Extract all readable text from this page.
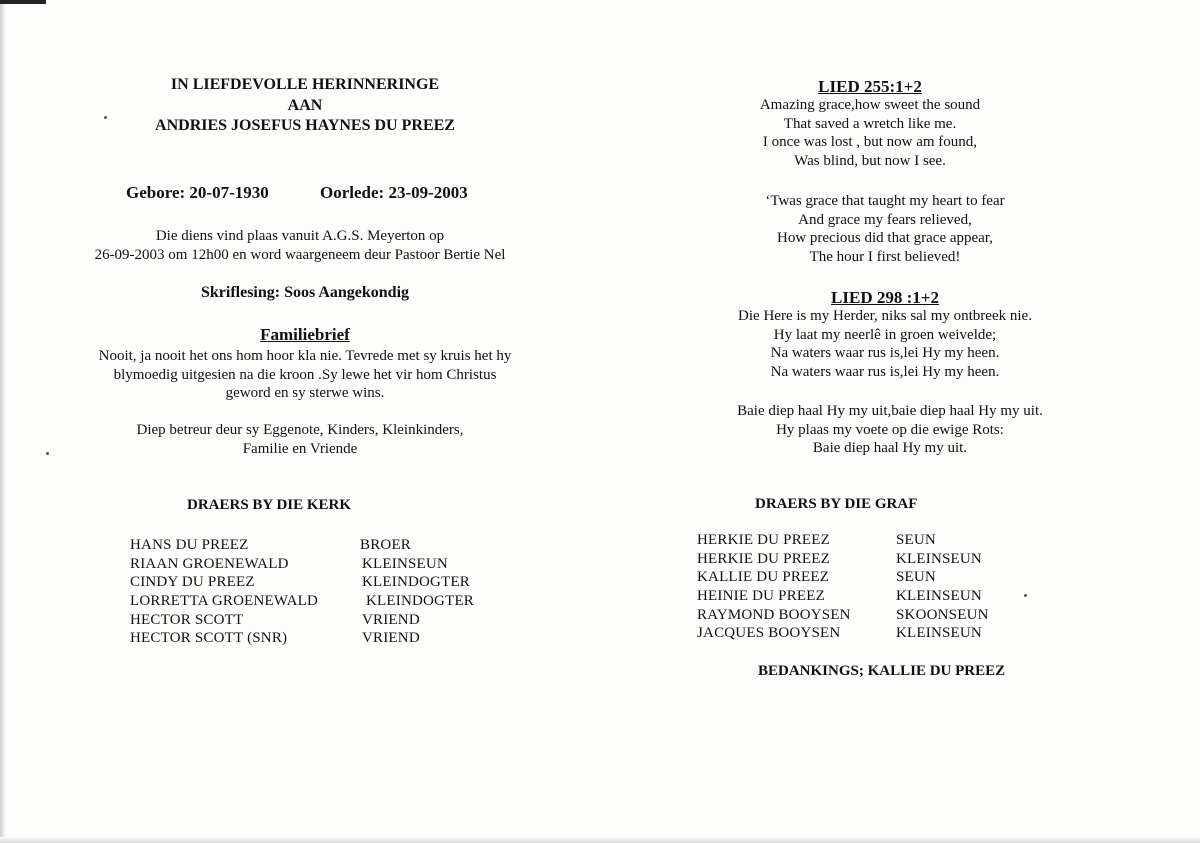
IN LIEFDEVOLLE HERINNERINGE
AAN
ANDRIES JOSEFUS HAYNES DU PREEZ
Gebore: 20-07-1930	Oorlede: 23-09-2003
Die diens vind plaas vanuit A.G.S. Meyerton op
26-09-2003 om 12h00 en word waargeneem deur Pastoor Bertie Nel
Skriflesing: Soos Aangekondig
Familiebrief
Nooit, ja nooit het ons hom hoor kla nie. Tevrede met sy kruis het hy
blymoedig uitgesien na die kroon .Sy lewe het vir hom Christus
geword en sy sterwe wins.
Diep betreur deur sy Eggenote, Kinders, Kleinkinders,
Familie en Vriende
DRAERS BY DIE KERK
HANS DU PREEZ	BROER
RIAAN GROENEWALD	KLEINSEUN
CINDY DU PREEZ	KLEINDOGTER
LORRETTA GROENEWALD	KLEINDOGTER
HECTOR SCOTT	VRIEND
HECTOR SCOTT (SNR)	VRIEND
LIED 255:1+2
Amazing grace,how sweet the sound
That saved a wretch like me.
I once was lost , but now am found,
Was blind, but now I see.
‘Twas grace that taught my heart to fear
And grace my fears relieved,
How precious did that grace appear,
The hour I first believed!
LIED 298 :1+2
Die Here is my Herder, niks sal my ontbreek nie.
Hy laat my neerlê in groen weivelde;
Na waters waar rus is,lei Hy my heen.
Na waters waar rus is,lei Hy my heen.
Baie diep haal Hy my uit,baie diep haal Hy my uit.
Hy plaas my voete op die ewige Rots:
Baie diep haal Hy my uit.
DRAERS BY DIE GRAF
HERKIE DU PREEZ	SEUN
HERKIE DU PREEZ	KLEINSEUN
KALLIE DU PREEZ	SEUN
HEINIE DU PREEZ	KLEINSEUN
RAYMOND BOOYSEN	SKOONSEUN
JACQUES BOOYSEN	KLEINSEUN
BEDANKINGS; KALLIE DU PREEZ
